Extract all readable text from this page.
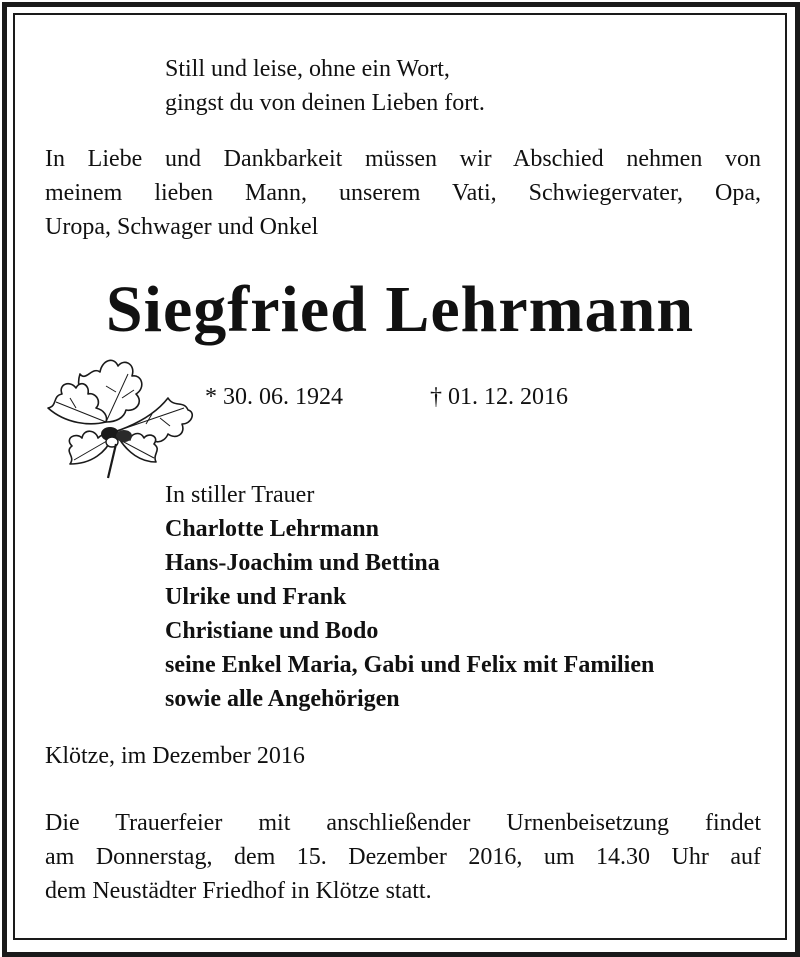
Still und leise, ohne ein Wort,
gingst du von deinen Lieben fort.
In Liebe und Dankbarkeit müssen wir Abschied nehmen von
meinem lieben Mann, unserem Vati, Schwiegervater, Opa,
Uropa, Schwager und Onkel
Siegfried Lehrmann
* 30. 06. 1924	† 01. 12. 2016
In stiller Trauer
Charlotte Lehrmann
Hans-Joachim und Bettina
Ulrike und Frank
Christiane und Bodo
seine Enkel Maria, Gabi und Felix mit Familien
sowie alle Angehörigen
Klötze, im Dezember 2016
Die Trauerfeier mit anschließender Urnenbeisetzung findet
am Donnerstag, dem 15. Dezember 2016, um 14.30 Uhr auf
dem Neustädter Friedhof in Klötze statt.
